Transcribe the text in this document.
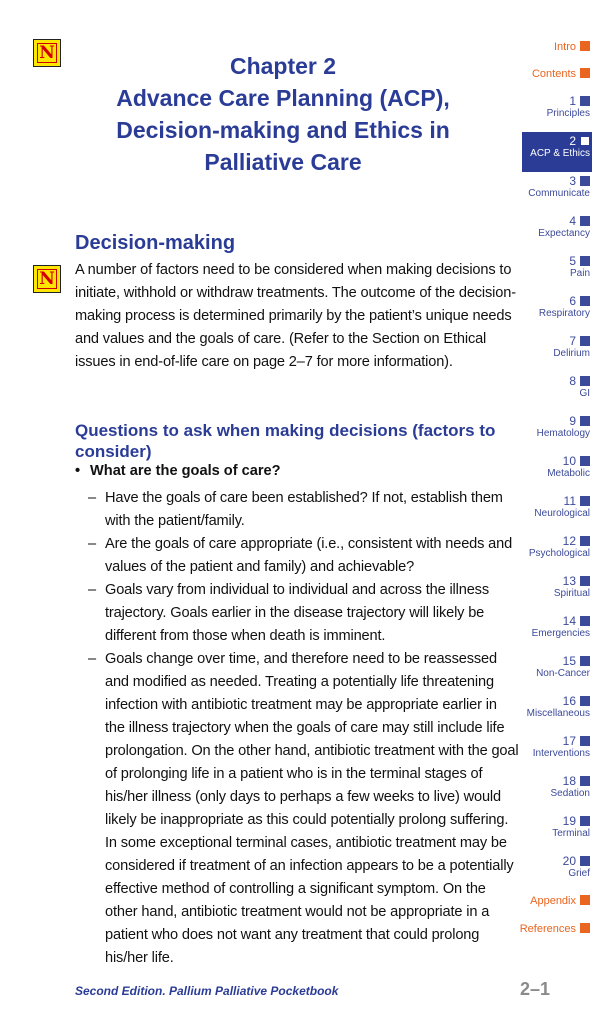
N
N
Chapter 2
Advance Care Planning (ACP),
Decision-making and Ethics in
Palliative Care
Decision-making

A number of factors need to be considered when making decisions to initiate, withhold or withdraw treatments. The outcome of the decision-making process is determined primarily by the patient’s unique needs and values and the goals of care. (Refer to the Section on Ethical issues in end-of-life care on page 2–7 for more information).

Questions to ask when making decisions (factors to consider)
• What are the goals of care?
– Have the goals of care been established? If not, establish them with the patient/family.
– Are the goals of care appropriate (i.e., consistent with needs and values of the patient and family) and achievable?
– Goals vary from individual to individual and across the illness trajectory. Goals earlier in the disease trajectory will likely be different from those when death is imminent.
– Goals change over time, and therefore need to be reassessed and modified as needed. Treating a potentially life threatening infection with antibiotic treatment may be appropriate earlier in the illness trajectory when the goals of care may still include life prolongation. On the other hand, antibiotic treatment with the goal of prolonging life in a patient who is in the terminal stages of his/her illness (only days to perhaps a few weeks to live) would likely be inappropriate as this could potentially prolong suffering. In some exceptional terminal cases, antibiotic treatment may be considered if treatment of an infection appears to be a potentially effective method of controlling a significant symptom. On the other hand, antibiotic treatment would not be appropriate in a patient who does not want any treatment that could prolong his/her life.
Second Edition. Pallium Palliative Pocketbook	2–1
Intro
Contents
1
Principles
2
ACP & Ethics
3
Communicate
4
Expectancy
5
Pain
6
Respiratory
7
Delirium
8
GI
9
Hematology
10
Metabolic
11
Neurological
12
Psychological
13
Spiritual
14
Emergencies
15
Non-Cancer
16
Miscellaneous
17
Interventions
18
Sedation
19
Terminal
20
Grief
Appendix
References
